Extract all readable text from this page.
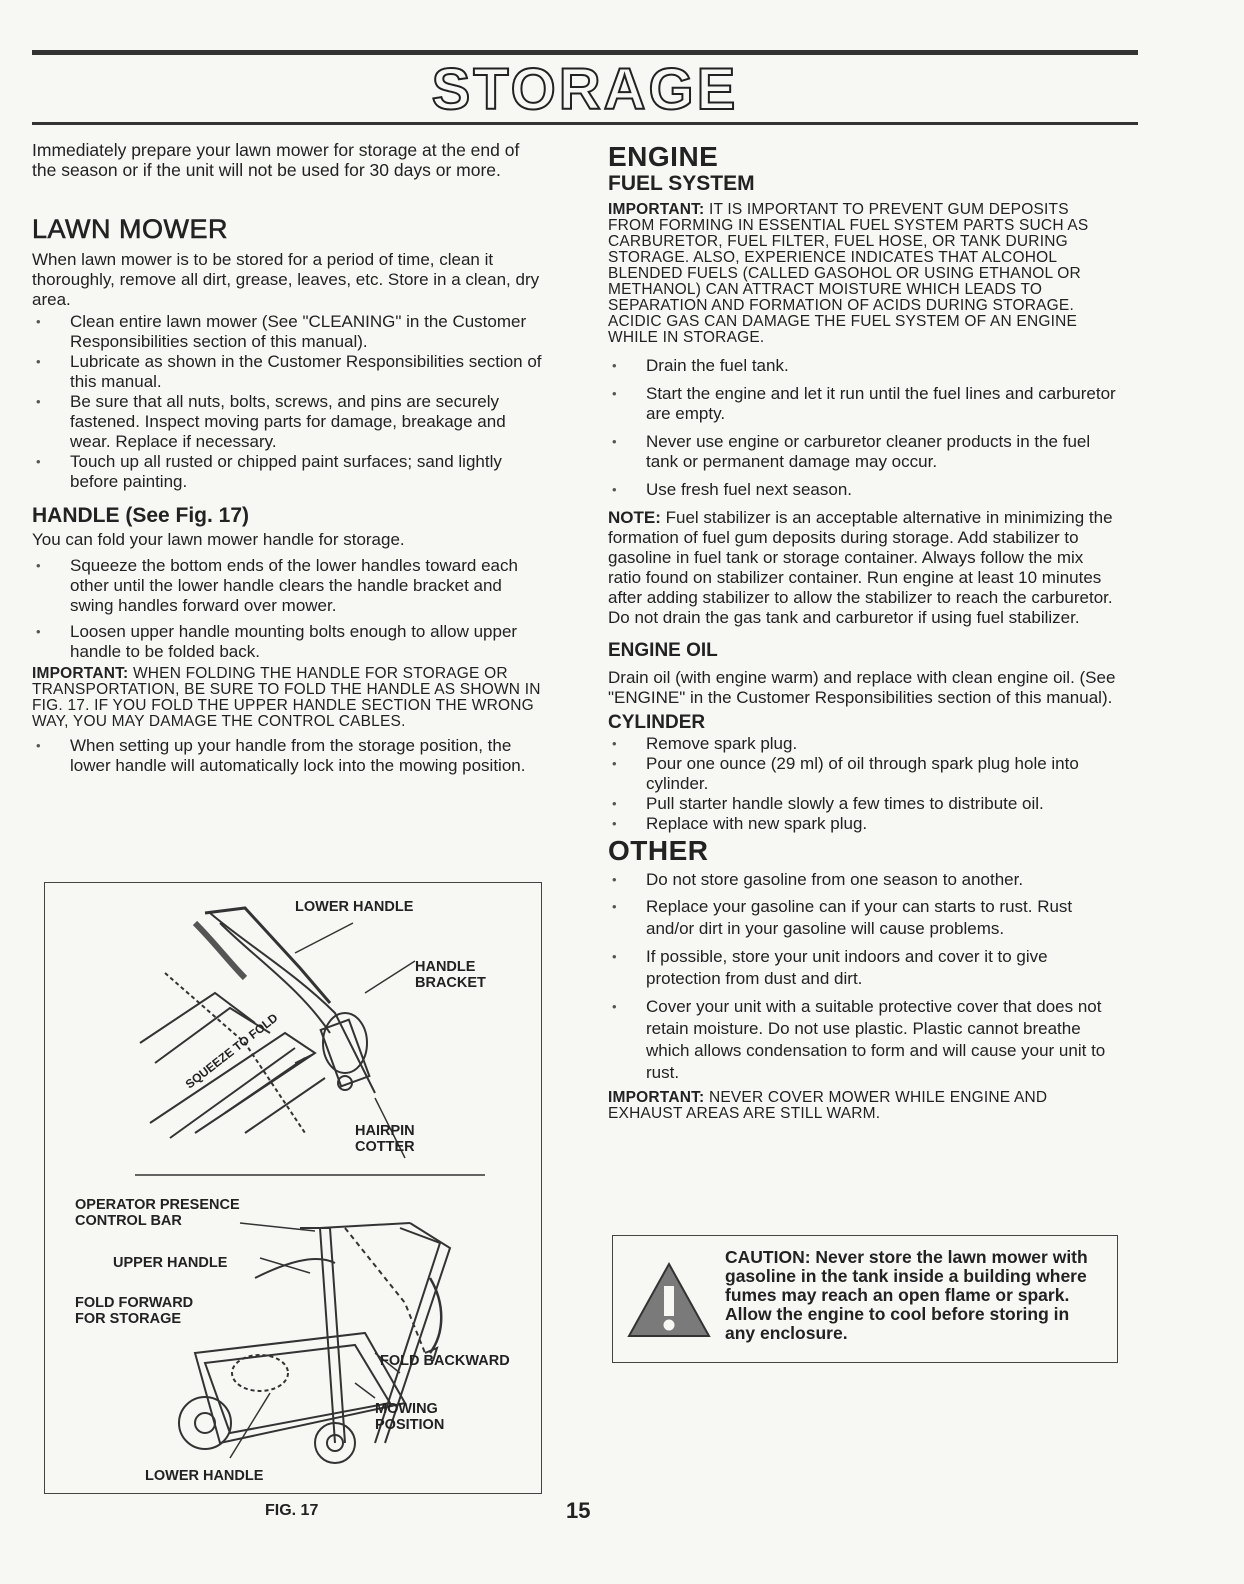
STORAGE

Immediately prepare your lawn mower for storage at the end of the season or if the unit will not be used for 30 days or more.

LAWN MOWER

When lawn mower is to be stored for a period of time, clean it thoroughly, remove all dirt, grease, leaves, etc. Store in a clean, dry area.

• Clean entire lawn mower (See "CLEANING" in the Customer Responsibilities section of this manual).
• Lubricate as shown in the Customer Responsibilities section of this manual.
• Be sure that all nuts, bolts, screws, and pins are securely fastened. Inspect moving parts for damage, breakage and wear. Replace if necessary.
• Touch up all rusted or chipped paint surfaces; sand lightly before painting.
HANDLE (See Fig. 17)

You can fold your lawn mower handle for storage.

• Squeeze the bottom ends of the lower handles toward each other until the lower handle clears the handle bracket and swing handles forward over mower.
• Loosen upper handle mounting bolts enough to allow upper handle to be folded back.

IMPORTANT: WHEN FOLDING THE HANDLE FOR STORAGE OR TRANSPORTATION, BE SURE TO FOLD THE HANDLE AS SHOWN IN FIG. 17. IF YOU FOLD THE UPPER HANDLE SECTION THE WRONG WAY, YOU MAY DAMAGE THE CONTROL CABLES.

• When setting up your handle from the storage position, the lower handle will automatically lock into the mowing position.
LOWER HANDLE
HANDLE
BRACKET
SQUEEZE TO FOLD
HAIRPIN
COTTER
OPERATOR PRESENCE
CONTROL BAR
UPPER HANDLE
FOLD FORWARD
FOR STORAGE
FOLD BACKWARD
MOWING
POSITION
LOWER HANDLE
FIG. 17	15
ENGINE
FUEL SYSTEM

IMPORTANT: IT IS IMPORTANT TO PREVENT GUM DEPOSITS FROM FORMING IN ESSENTIAL FUEL SYSTEM PARTS SUCH AS CARBURETOR, FUEL FILTER, FUEL HOSE, OR TANK DURING STORAGE. ALSO, EXPERIENCE INDICATES THAT ALCOHOL BLENDED FUELS (CALLED GASOHOL OR USING ETHANOL OR METHANOL) CAN ATTRACT MOISTURE WHICH LEADS TO SEPARATION AND FORMATION OF ACIDS DURING STORAGE. ACIDIC GAS CAN DAMAGE THE FUEL SYSTEM OF AN ENGINE WHILE IN STORAGE.

• Drain the fuel tank.
• Start the engine and let it run until the fuel lines and carburetor are empty.
• Never use engine or carburetor cleaner products in the fuel tank or permanent damage may occur.
• Use fresh fuel next season.

NOTE: Fuel stabilizer is an acceptable alternative in minimizing the formation of fuel gum deposits during storage. Add stabilizer to gasoline in fuel tank or storage container. Always follow the mix ratio found on stabilizer container. Run engine at least 10 minutes after adding stabilizer to allow the stabilizer to reach the carburetor. Do not drain the gas tank and carburetor if using fuel stabilizer.

ENGINE OIL

Drain oil (with engine warm) and replace with clean engine oil. (See "ENGINE" in the Customer Responsibilities section of this manual).

CYLINDER
• Remove spark plug.
• Pour one ounce (29 ml) of oil through spark plug hole into cylinder.
• Pull starter handle slowly a few times to distribute oil.
• Replace with new spark plug.
OTHER
• Do not store gasoline from one season to another.
• Replace your gasoline can if your can starts to rust. Rust and/or dirt in your gasoline will cause problems.
• If possible, store your unit indoors and cover it to give protection from dust and dirt.
• Cover your unit with a suitable protective cover that does not retain moisture. Do not use plastic. Plastic cannot breathe which allows condensation to form and will cause your unit to rust.

IMPORTANT: NEVER COVER MOWER WHILE ENGINE AND EXHAUST AREAS ARE STILL WARM.

CAUTION: Never store the lawn mower with gasoline in the tank inside a building where fumes may reach an open flame or spark. Allow the engine to cool before storing in any enclosure.
